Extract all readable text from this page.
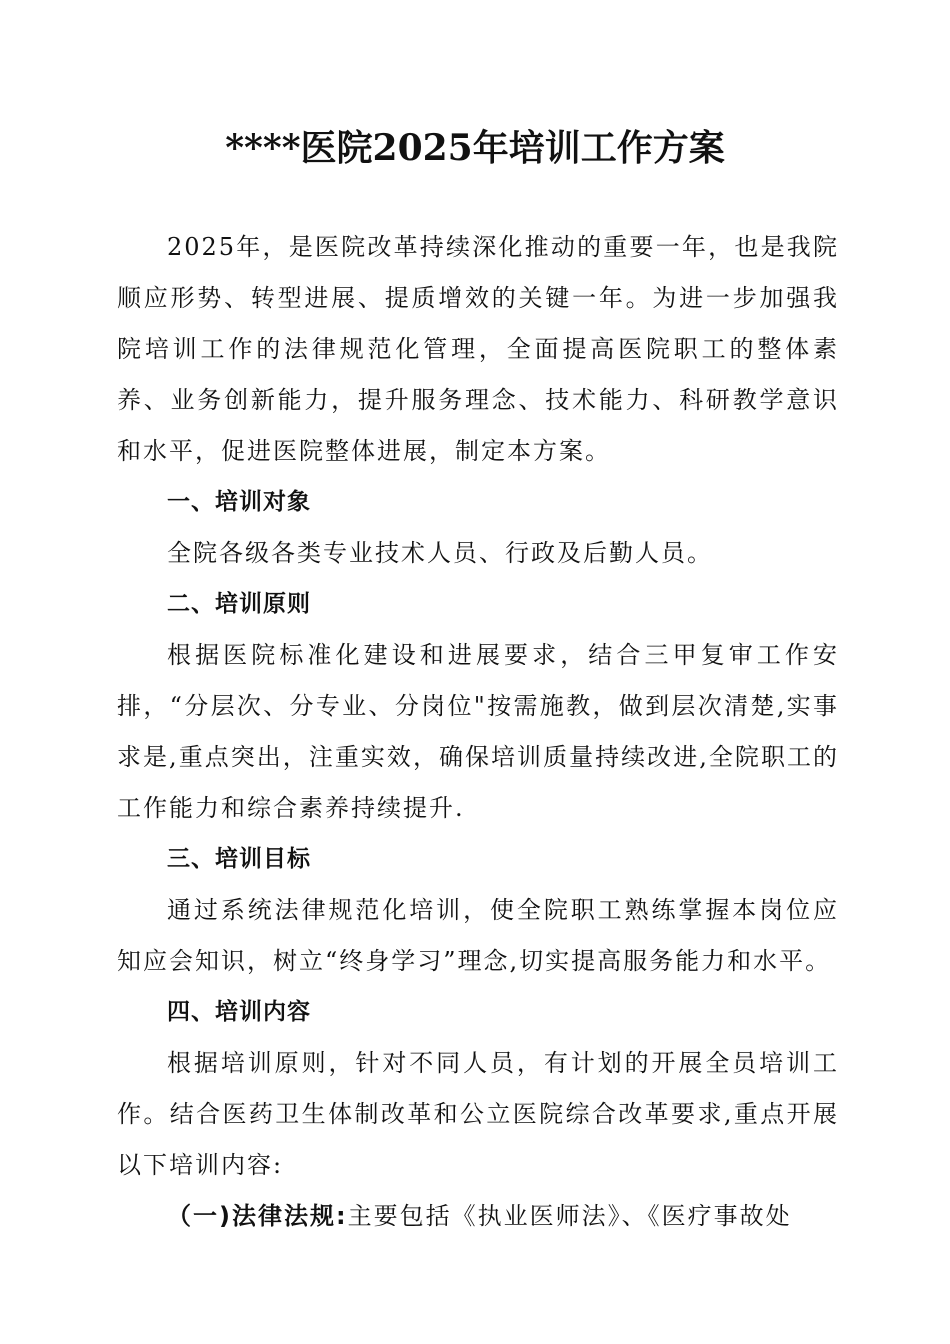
****医院2025年培训工作方案

2025年，是医院改革持续深化推动的重要一年，也是我院顺应形势、转型进展、提质增效的关键一年。为进一步加强我院培训工作的法律规范化管理，全面提高医院职工的整体素养、业务创新能力，提升服务理念、技术能力、科研教学意识和水平，促进医院整体进展，制定本方案。

一、培训对象

全院各级各类专业技术人员、行政及后勤人员。

二、培训原则

根据医院标准化建设和进展要求，结合三甲复审工作安排，“分层次、分专业、分岗位"按需施教，做到层次清楚,实事求是,重点突出，注重实效，确保培训质量持续改进,全院职工的工作能力和综合素养持续提升.

三、培训目标

通过系统法律规范化培训，使全院职工熟练掌握本岗位应知应会知识，树立“终身学习”理念,切实提高服务能力和水平。

四、培训内容

根据培训原则，针对不同人员，有计划的开展全员培训工作。结合医药卫生体制改革和公立医院综合改革要求,重点开展以下培训内容:

（一)法律法规:主要包括《执业医师法》、《医疗事故处
